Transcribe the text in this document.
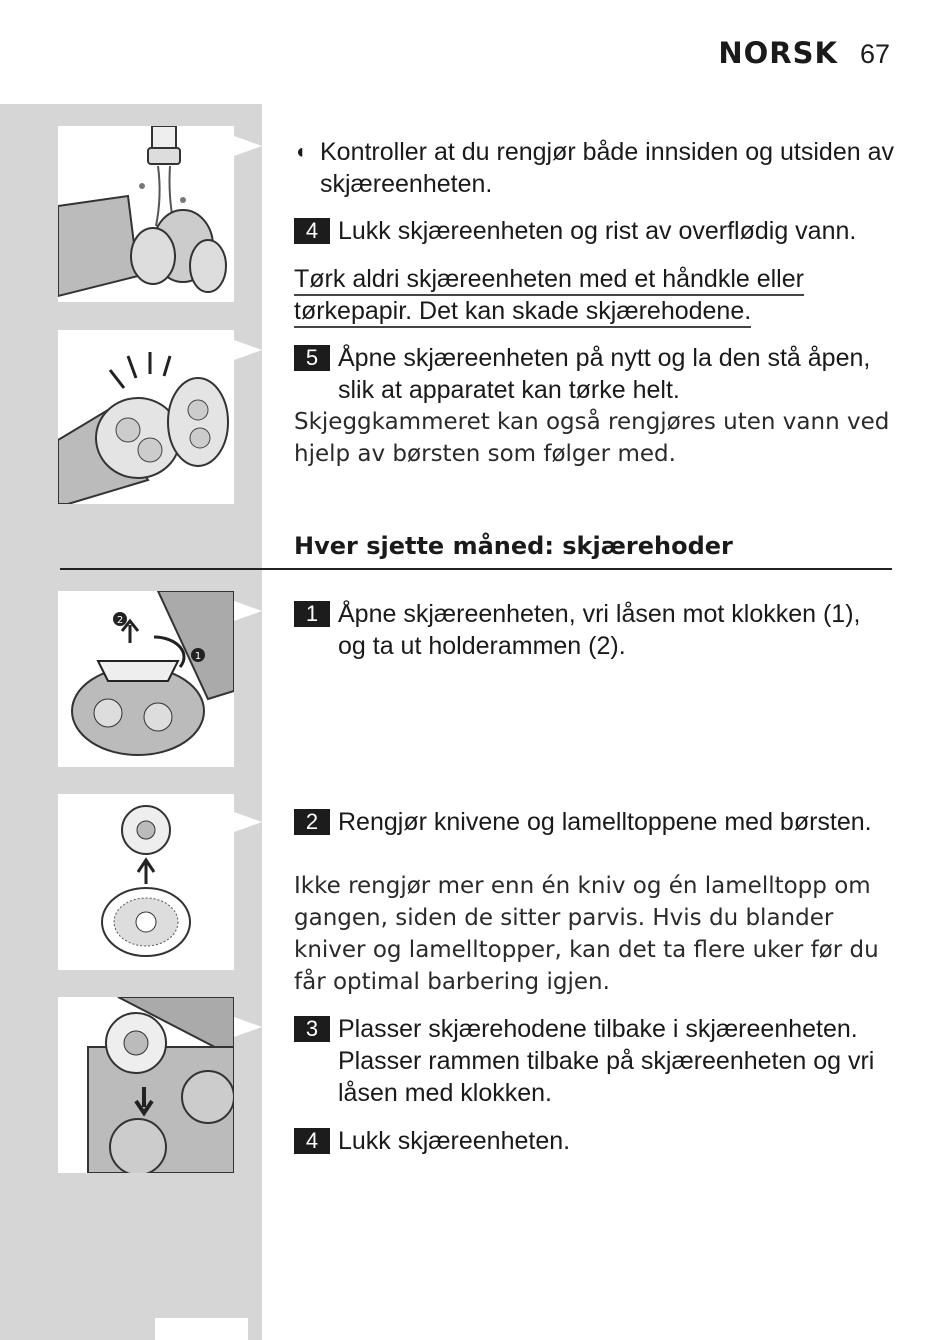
NORSK 67
2
1
◖ Kontroller at du rengjør både innsiden og utsiden av skjæreenheten.
4 Lukk skjæreenheten og rist av overflødig vann.
Tørk aldri skjæreenheten med et håndkle eller
tørkepapir. Det kan skade skjærehodene.
5 Åpne skjæreenheten på nytt og la den stå åpen, slik at apparatet kan tørke helt.
Skjeggkammeret kan også rengjøres uten vann ved hjelp av børsten som følger med.
Hver sjette måned: skjærehoder
1 Åpne skjæreenheten, vri låsen mot klokken (1), og ta ut holderammen (2).
2 Rengjør knivene og lamelltoppene med børsten.
Ikke rengjør mer enn én kniv og én lamelltopp om gangen, siden de sitter parvis. Hvis du blander kniver og lamelltopper, kan det ta flere uker før du får optimal barbering igjen.
3 Plasser skjærehodene tilbake i skjæreenheten. Plasser rammen tilbake på skjæreenheten og vri låsen med klokken.
4 Lukk skjæreenheten.
